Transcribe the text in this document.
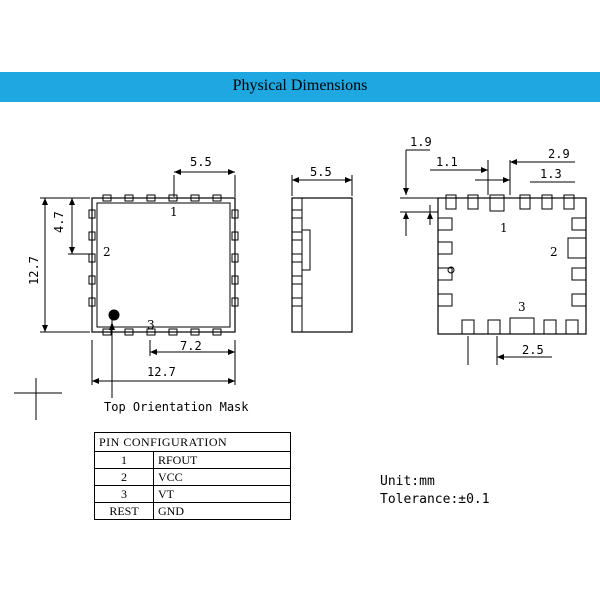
Physical Dimensions
5.5
4.7
12.7
7.2
12.7
1
2
3
5.5
1.9
1.1
2.9
1.3
2.5
1
2
3
Top Orientation Mask
PIN CONFIGURATION	
1	RFOUT
2	VCC
3	VT
REST	GND
Unit:mm
Tolerance:±0.1
